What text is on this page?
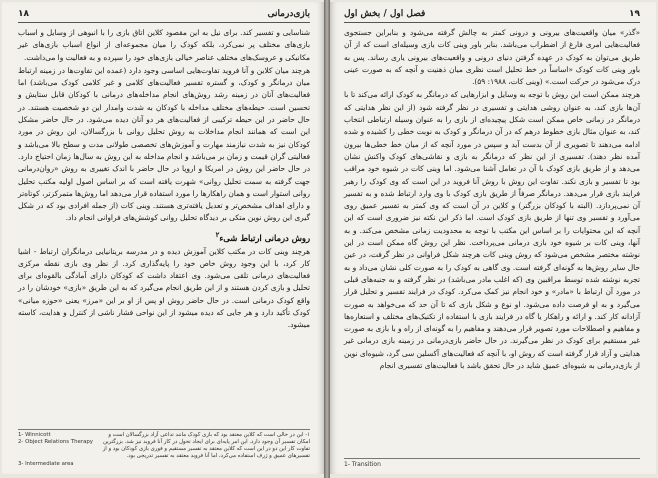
۱۸	بازی‌درمانی

شناسایی و تفسیر کند. برای نیل به این مقصود کلاین اتاق بازی را با انبوهی از وسایل و اسباب بازی‌های مختلف پر نمی‌کرد، بلکه کودک را میان مجموعه‌ای از انواع اسباب بازی‌های غیر مکانیکی و عروسک‌های مختلف عناصر خیالی بازی‌های خود را سپرده و به فعالیت وا می‌داشت.

هرچند میان کلاین و آنا فروید تفاوت‌هایی اساسی وجود دارد (عمده این تفاوت‌ها در زمینه ارتباط میان درمانگر و کودک، و گستره تفسیر فعالیت‌های کلامی و غیر کلامی کودک می‌باشد) اما فعالیت‌های آنان در زمینه رشد روش‌های انجام مداخله‌های درمانی با کودکان قابل ستایش و تحسین است. حیطه‌های مختلف مداخله با کودکان به شدت وامدار این دو شخصیت هستند. در حال حاضر در این حیطه ترکیبی از فعالیت‌های هر دو آنان دیده می‌شود. در حال حاضر مشکل این است که همانند انجام مداخلات به روش تحلیل روانی با بزرگسالان، این روش در مورد کودکان نیز به شدت نیازمند مهارت و آموزش‌های تخصصی طولانی مدت و سطح بالا می‌باشد و فعالیتی گران قیمت و زمان بر می‌باشد و انجام مداخله به این روش به سال‌ها زمان احتیاج دارد. در حال حاضر این روش در امریکا و اروپا در حال حاضر با اندک تغییری به روش «روان‌درمانی جهت گرفته به سمت تحلیل روانی» شهرت یافته است که بر اساس اصول اولیه مکتب تحلیل روانی استوار است و همان راهکارها را مورد استفاده قرار می‌دهد اما روش‌ها متمرکزتر، کوتاه‌تر و دارای اهداف مشخص‌تر و تعدیل یافته‌تری هستند. وینی کات (از جمله افرادی بود که در شکل گیری این روش نوین متکی بر دیدگاه تحلیل روانی کوشش‌های فراوانی انجام داد.

روش درمانی ارتباط شیء$^۲$

هرچند وینی کات در مکتب کلاین آموزش دیده و در مدرسه بریتانیایی درمانگران ارتباط - اشیا کار کرد، با این وجود روش خاص خود را پایه‌گذاری کرد. از نظر وی بازی نقطه مرکزی فعالیت‌های درمانی تلقی می‌شود. وی اعتقاد داشت که کودکان دارای آمادگی بالقوه‌ای برای تحلیل و بازی کردن هستند و از این طریق انجام می‌گیرد که به این طریق «بازی» خودشان را در واقع کودک درمانی است. در حال حاضر روش او پس از او بر این «مرز» یعنی «حوزه میانی» کودک تأکید دارد و هر جایی که دیده میشود از این نواحی فشار ناشی از کنترل و هدایت، کاسته میشود.

1- Winnicott
2- Object Relations Therapy
۱- این در حالی است که کلاین معتقد بود که بازی کودک مانند تداعی آزاد بزرگسالان است و امکان تفسیر آن وجود دارد. این امر پایه‌ای برای ایجاد تحول در کار آنا فروید نیز شد. بزرگترین تفاوت کار این دو در این است که کلاین معتقد به تفسیر مستقیم و فوری بازی کودکان بود و از تفسیرهای عمیق و ژرف استفاده می‌کرد، اما آنا فروید معتقد به تفسیر تدریجی بود.
3- Intermediate area
فصل اول / بخش اول	۱۹

«گذر» میان واقعیت‌های بیرونی و درونی کمتر به چالش گرفته می‌شود و بنابراین جستجوی فعالیت‌هایی امری فارغ از اضطراب می‌باشد. بنابر باور وینی کات بازی وسیله‌ای است که از آن طریق می‌توان به کودک در عهده گرفتن دنیای درونی و واقعیت‌های بیرونی یاری رساند. پس به باور وینی کات کودک «اساساً در خط تحلیل است نظری میان ذهنیت و آنچه که به صورت عینی درک می‌شود در حرکت است.» (وینی کات، ۱۹۸۸: ۵۹).

هرچند ممکن است این روش با توجه به وسایل و ابزارهایی که درمانگر به کودک ارائه می‌کند تا با آن‌ها بازی کند، به عنوان روشی هدایتی و تفسیری در نظر گرفته شود (از این نظر هدایتی که درمانگر در زمانی خاص ممکن است شکل پیچیده‌ای از بازی را به عنوان وسیله ارتباطی انتخاب کند، به عنوان مثال بازی خطوط درهم که در آن درمانگر و کودک به نوبت خطی را کشیده و شده ادامه می‌دهند تا تصویری از آن بدست آید و سپس در مورد آنچه که از میان خط خطی‌ها بیرون آمده نظر دهند). تفسیری از این نظر که درمانگر به بازی و نقاشی‌های کودک واکنش نشان می‌دهد و از طریق بازی کودک با آن در تعامل آشنا می‌شود. اما وینی کات در شیوه خود مراقب بود تا تفسیر و بازی نکند. تفاوت این روش با روش آنا فروید در این است که وی کودک را رهبر فرایند بازی قرار می‌دهد. درمانگر صرفاً از طریق بازی کودک با وی وارد ارتباط شده و به تفسیر آن نمی‌پردازد. (البته با کودکان بزرگتر) و کلاین در آن است که وی کمتر به تفسیر عمیق روی می‌آورد و تفسیر وی تنها از طریق بازی کودک است. اما ذکر این نکته نیز ضروری است که این آنچه که این محتوایات را بر اساس این مکتب با توجه به محدودیت زمانی مشخص می‌کند. و به آنها، وینی کات بر شیوه خود بازی درمانی می‌پرداخت. نظر این روش گاه ممکن است در این نوشته مختصر مشخص می‌شود که روش وینی کات هرچند شکل فراوانی در نظر گرفت، در عین حال سایر روش‌ها به گونه‌ای گرفته است. وی گاهی به کودک را به صورت کلی نشان می‌داد و به تجربه نوشته شده توسط مراقبین وی (که اغلب مادر می‌باشد) در نظر گرفته و به جنبه‌های قبلی در مورد آن ارتباط با «مادر» و خود انجام نیز کمک می‌کرد. کودک در فرایند تفسیر و تحلیل قرار می‌گیرد و به او فرصت داده می‌شود. او نوع و شکل بازی که تا آن حد که می‌خواهد به صورت آزادانه کار کند. و ارائه و راهکار یا گاه در فرایند بازی با استفاده از تکنیک‌های مختلف و استعاره‌ها و مفاهیم و اصطلاحات مورد تصویر قرار می‌دهند و مفاهیم را به گونه‌ای از راه و با بازی به صورت غیر مستقیم برای کودک در نظر می‌گیرند. در حال حاضر بازی‌درمانی در زمینه بازی درمانی غیر هدایتی و آزاد قرار گرفته است که روش او، با آنچه که فعالیت‌های آکسلین سی گرد، شیوه‌ای نوین از بازی‌درمانی به شیوه‌ای عمیق شاید در حال تحقق باشد با فعالیت‌های تفسیری انجام

1- Transition
